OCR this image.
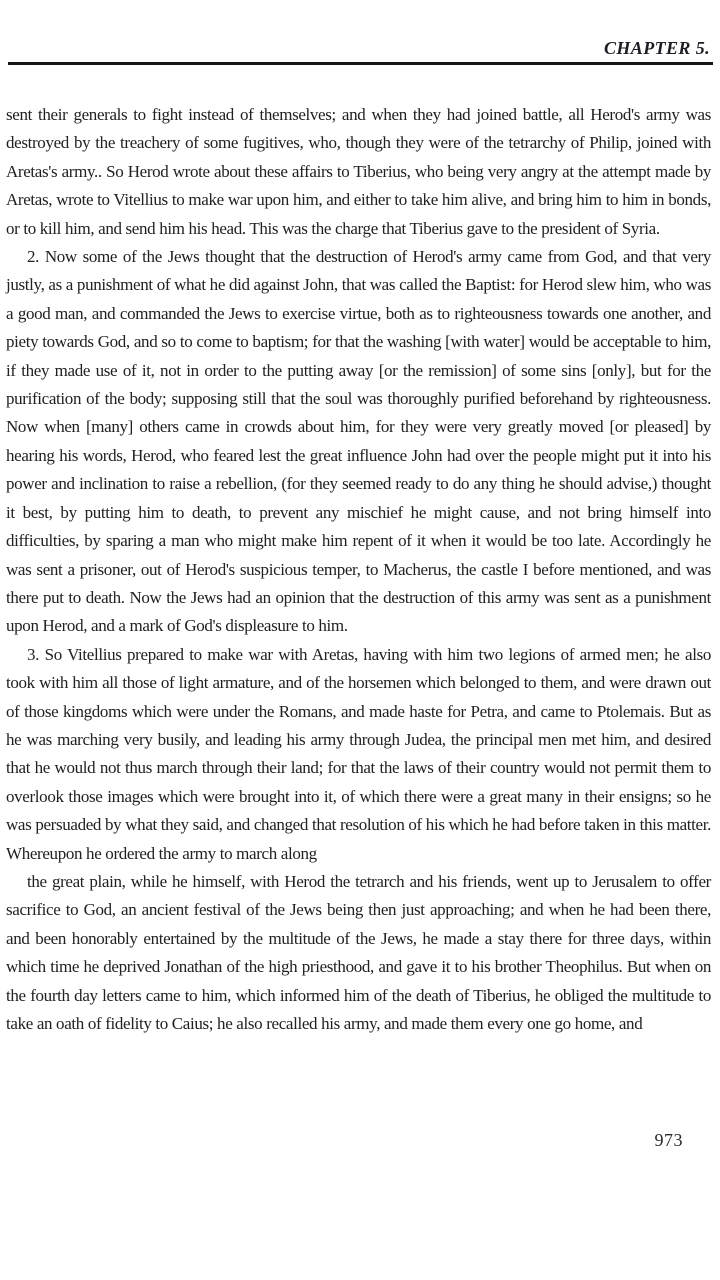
CHAPTER 5.

sent their generals to fight instead of themselves; and when they had joined battle, all Herod's army was destroyed by the treachery of some fugitives, who, though they were of the tetrarchy of Philip, joined with Aretas's army.. So Herod wrote about these affairs to Tiberius, who being very angry at the attempt made by Aretas, wrote to Vitellius to make war upon him, and either to take him alive, and bring him to him in bonds, or to kill him, and send him his head. This was the charge that Tiberius gave to the president of Syria.

2. Now some of the Jews thought that the destruction of Herod's army came from God, and that very justly, as a punishment of what he did against John, that was called the Baptist: for Herod slew him, who was a good man, and commanded the Jews to exercise virtue, both as to righteousness towards one another, and piety towards God, and so to come to baptism; for that the washing [with water] would be acceptable to him, if they made use of it, not in order to the putting away [or the remission] of some sins [only], but for the purification of the body; supposing still that the soul was thoroughly purified beforehand by righteousness. Now when [many] others came in crowds about him, for they were very greatly moved [or pleased] by hearing his words, Herod, who feared lest the great influence John had over the people might put it into his power and inclination to raise a rebellion, (for they seemed ready to do any thing he should advise,) thought it best, by putting him to death, to prevent any mischief he might cause, and not bring himself into difficulties, by sparing a man who might make him repent of it when it would be too late. Accordingly he was sent a prisoner, out of Herod's suspicious temper, to Macherus, the castle I before mentioned, and was there put to death. Now the Jews had an opinion that the destruction of this army was sent as a punishment upon Herod, and a mark of God's displeasure to him.

3. So Vitellius prepared to make war with Aretas, having with him two legions of armed men; he also took with him all those of light armature, and of the horsemen which belonged to them, and were drawn out of those kingdoms which were under the Romans, and made haste for Petra, and came to Ptolemais. But as he was marching very busily, and leading his army through Judea, the principal men met him, and desired that he would not thus march through their land; for that the laws of their country would not permit them to overlook those images which were brought into it, of which there were a great many in their ensigns; so he was persuaded by what they said, and changed that resolution of his which he had before taken in this matter. Whereupon he ordered the army to march along

the great plain, while he himself, with Herod the tetrarch and his friends, went up to Jerusalem to offer sacrifice to God, an ancient festival of the Jews being then just approaching; and when he had been there, and been honorably entertained by the multitude of the Jews, he made a stay there for three days, within which time he deprived Jonathan of the high priesthood, and gave it to his brother Theophilus. But when on the fourth day letters came to him, which informed him of the death of Tiberius, he obliged the multitude to take an oath of fidelity to Caius; he also recalled his army, and made them every one go home, and

973
